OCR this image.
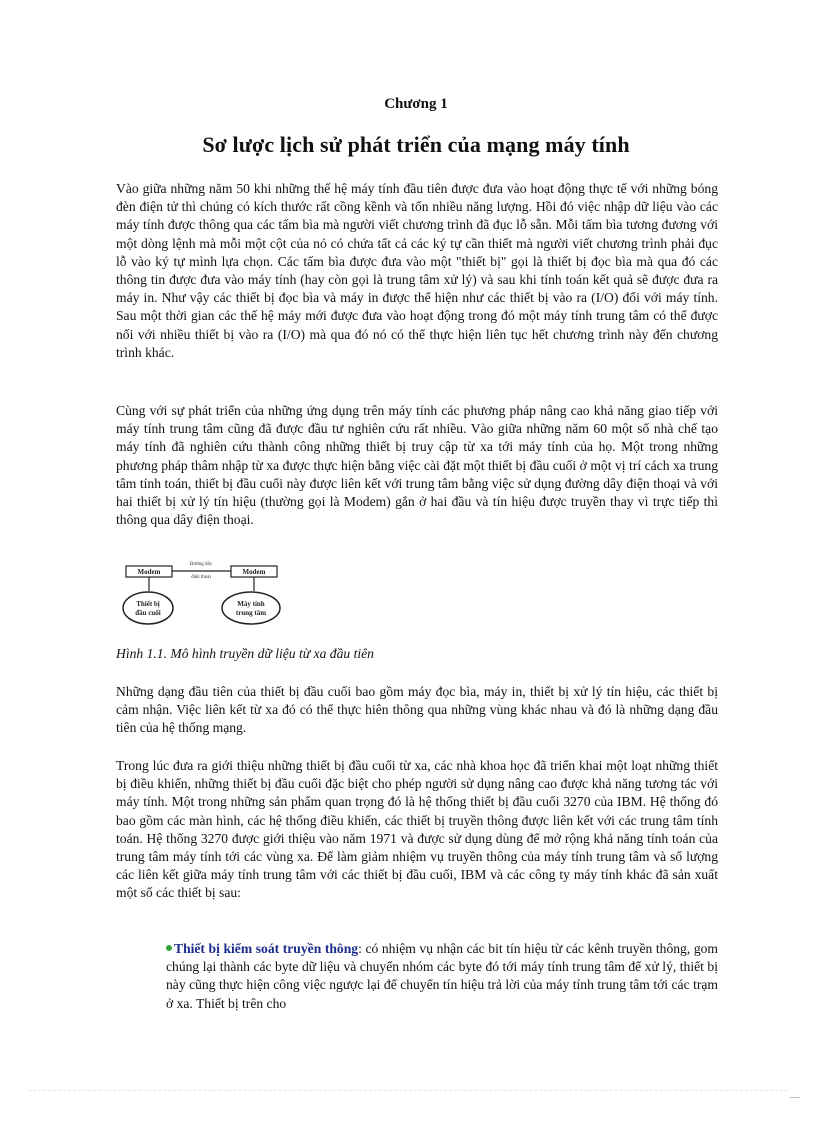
Chương 1
Sơ lược lịch sử phát triển của mạng máy tính

Vào giữa những năm 50 khi những thế hệ máy tính đầu tiên được đưa vào hoạt động thực tế với những bóng đèn điện tử thì chúng có kích thước rất cồng kềnh và tốn nhiều năng lượng. Hồi đó việc nhập dữ liệu vào các máy tính được thông qua các tấm bìa mà người viết chương trình đã đục lỗ sẵn. Mỗi tấm bìa tương đương với một dòng lệnh mà mỗi một cột của nó có chứa tất cả các ký tự cần thiết mà người viết chương trình phải đục lỗ vào ký tự mình lựa chọn. Các tấm bìa được đưa vào một "thiết bị" gọi là thiết bị đọc bìa mà qua đó các thông tin được đưa vào máy tính (hay còn gọi là trung tâm xử lý) và sau khi tính toán kết quả sẽ được đưa ra máy in. Như vậy các thiết bị đọc bìa và máy in được thể hiện như các thiết bị vào ra (I/O) đối với máy tính. Sau một thời gian các thế hệ máy mới được đưa vào hoạt động trong đó một máy tính trung tâm có thể được nối với nhiều thiết bị vào ra (I/O) mà qua đó nó có thể thực hiện liên tục hết chương trình này đến chương trình khác.

Cùng với sự phát triển của những ứng dụng trên máy tính các phương pháp nâng cao khả năng giao tiếp với máy tính trung tâm cũng đã được đầu tư nghiên cứu rất nhiều. Vào giữa những năm 60 một số nhà chế tạo máy tính đã nghiên cứu thành công những thiết bị truy cập từ xa tới máy tính của họ. Một trong những phương pháp thâm nhập từ xa được thực hiện bằng việc cài đặt một thiết bị đầu cuối ở một vị trí cách xa trung tâm tính toán, thiết bị đầu cuối này được liên kết với trung tâm bằng việc sử dụng đường dây điện thoại và với hai thiết bị xử lý tín hiệu (thường gọi là Modem) gắn ở hai đầu và tín hiệu được truyền thay vì trực tiếp thì thông qua dây điện thoại.

Modem	Modem
Đường dây
điện thoại
Thiết bị
đầu cuối
Máy tính
trung tâm
Hình 1.1. Mô hình truyền dữ liệu từ xa đầu tiên

Những dạng đầu tiên của thiết bị đầu cuối bao gồm máy đọc bìa, máy in, thiết bị xử lý tín hiệu, các thiết bị cảm nhận. Việc liên kết từ xa đó có thể thực hiên thông qua những vùng khác nhau và đó là những dạng đầu tiên của hệ thống mạng.

Trong lúc đưa ra giới thiệu những thiết bị đầu cuối từ xa, các nhà khoa học đã triển khai một loạt những thiết bị điều khiển, những thiết bị đầu cuối đặc biệt cho phép người sử dụng nâng cao được khả năng tương tác với máy tính. Một trong những sản phẩm quan trọng đó là hệ thống thiết bị đầu cuối 3270 của IBM. Hệ thống đó bao gồm các màn hình, các hệ thống điều khiển, các thiết bị truyền thông được liên kết với các trung tâm tính toán. Hệ thống 3270 được giới thiệu vào năm 1971 và được sử dụng dùng để mở rộng khả năng tính toán của trung tâm máy tính tới các vùng xa. Để làm giảm nhiệm vụ truyền thông của máy tính trung tâm và số lượng các liên kết giữa máy tính trung tâm với các thiết bị đầu cuối, IBM và các công ty máy tính khác đã sản xuất một số các thiết bị sau:

Thiết bị kiểm soát truyền thông: có nhiệm vụ nhận các bit tín hiệu từ các kênh truyền thông, gom chúng lại thành các byte dữ liệu và chuyển nhóm các byte đó tới máy tính trung tâm để xử lý, thiết bị này cũng thực hiện công việc ngược lại để chuyển tín hiệu trả lời của máy tính trung tâm tới các trạm ở xa. Thiết bị trên cho
